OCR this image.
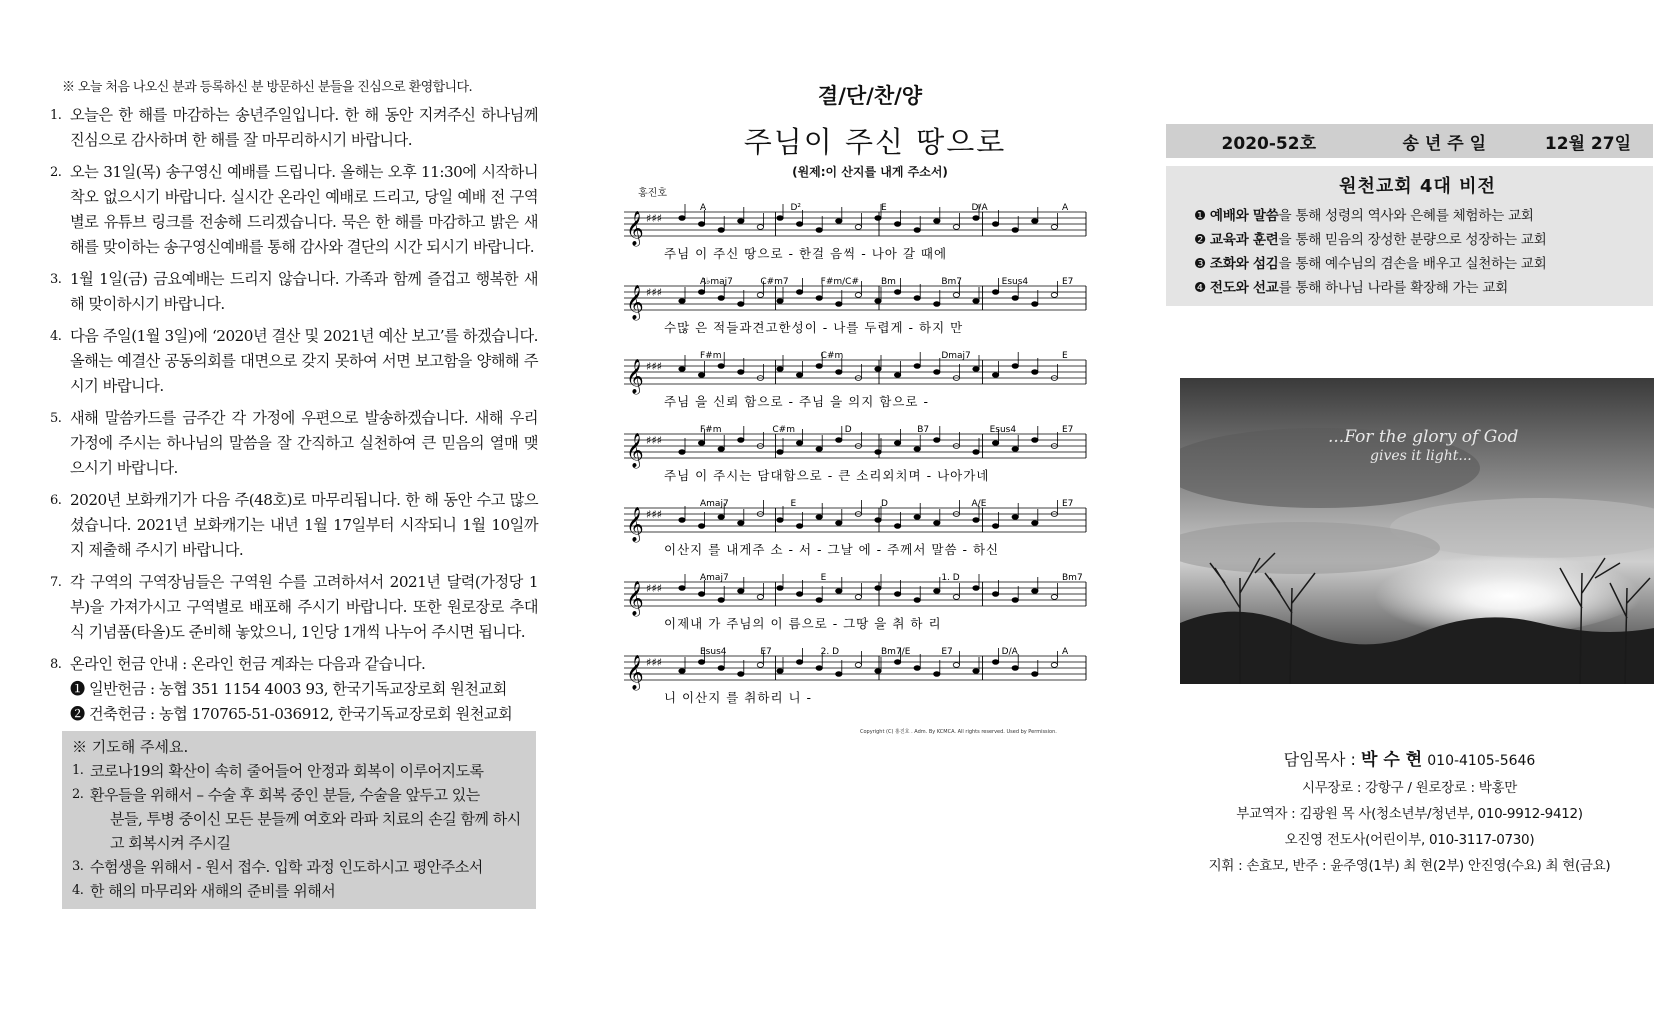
※ 오늘 처음 나오신 분과 등록하신 분 방문하신 분들을 진심으로 환영합니다.
1. 오늘은 한 해를 마감하는 송년주일입니다. 한 해 동안 지켜주신 하나님께 진심으로 감사하며 한 해를 잘 마무리하시기 바랍니다.
2. 오는 31일(목) 송구영신 예배를 드립니다. 올해는 오후 11:30에 시작하니 착오 없으시기 바랍니다. 실시간 온라인 예배로 드리고, 당일 예배 전 구역별로 유튜브 링크를 전송해 드리겠습니다. 묵은 한 해를 마감하고 밝은 새해를 맞이하는 송구영신예배를 통해 감사와 결단의 시간 되시기 바랍니다.
3. 1월 1일(금) 금요예배는 드리지 않습니다. 가족과 함께 즐겁고 행복한 새해 맞이하시기 바랍니다.
4. 다음 주일(1월 3일)에 ‘2020년 결산 및 2021년 예산 보고’를 하겠습니다. 올해는 예결산 공동의회를 대면으로 갖지 못하여 서면 보고함을 양해해 주시기 바랍니다.
5. 새해 말씀카드를 금주간 각 가정에 우편으로 발송하겠습니다. 새해 우리 가정에 주시는 하나님의 말씀을 잘 간직하고 실천하여 큰 믿음의 열매 맺으시기 바랍니다.
6. 2020년 보화캐기가 다음 주(48호)로 마무리됩니다. 한 해 동안 수고 많으셨습니다. 2021년 보화캐기는 내년 1월 17일부터 시작되니 1월 10일까지 제출해 주시기 바랍니다.
7. 각 구역의 구역장님들은 구역원 수를 고려하셔서 2021년 달력(가정당 1부)을 가져가시고 구역별로 배포해 주시기 바랍니다. 또한 원로장로 추대식 기념품(타올)도 준비해 놓았으니, 1인당 1개씩 나누어 주시면 됩니다.
8. 온라인 헌금 안내 : 온라인 헌금 계좌는 다음과 같습니다.
❶ 일반헌금 : 농협 351 1154 4003 93, 한국기독교장로회 원천교회
❷ 건축헌금 : 농협 170765-51-036912, 한국기독교장로회 원천교회
※ 기도해 주세요.
1. 코로나19의 확산이 속히 줄어들어 안정과 회복이 이루어지도록
2. 환우들을 위해서 – 수술 후 회복 중인 분들, 수술을 앞두고 있는
분들, 투병 중이신 모든 분들께 여호와 라파 치료의 손길 함께 하시고 회복시켜 주시길
3. 수험생을 위해서 - 원서 접수. 입학 과정 인도하시고 평안주소서
4. 한 해의 마무리와 새해의 준비를 위해서
결/단/찬/양
주님이 주신 땅으로
(원제:이 산지를 내게 주소서)
홍진호
A	D²	E	D/A	A
𝄞 ♯♯♯
주님 이 주신 땅으로 - 한걸 음씩 - 나아 갈 때에
A♭maj7	C#m7	F#m/C# Bm	Bm7	Esus4	E7
𝄞 ♯♯♯
수많 은 적들과견고한성이 - 나를 두렵게 - 하지 만
F#m	C#m	Dmaj7	E
𝄞 ♯♯♯
주님 을 신뢰 함으로 - 주님 을 의지 함으로 -
F#m	C#m	D	B7	Esus4	E7
𝄞 ♯♯♯
주님 이 주시는 담대함으로 - 큰 소리외치며 - 나아가네
Amaj7	E	D	A/E	E7
𝄞 ♯♯♯
이산지 를 내게주 소 - 서 - 그날 에 - 주께서 말씀 - 하신
Amaj7	E	1. D	Bm7
𝄞 ♯♯♯
이제내 가 주님의 이 름으로 - 그땅 을 취 하 리
Esus4	E7	2. D	Bm7/E	E7	D/A	A
𝄞 ♯♯♯
니 이산지 를 취하리 니 -
Copyright (C) 홍진호 . Adm. By KCMCA. All rights reserved. Used by Permission.
2020-52호	송 년 주 일	12월 27일
원천교회 4대 비전
❶ 예배와 말씀을 통해 성령의 역사와 은혜를 체험하는 교회
❷ 교육과 훈련을 통해 믿음의 장성한 분량으로 성장하는 교회
❸ 조화와 섬김을 통해 예수님의 겸손을 배우고 실천하는 교회
❹ 전도와 선교를 통해 하나님 나라를 확장해 가는 교회
...For the glory of God
gives it light...
담임목사 : 박 수 현 010-4105-5646
시무장로 : 강항구 / 원로장로 : 박홍만
부교역자 : 김광원 목 사(청소년부/청년부, 010-9912-9412)
오진영 전도사(어린이부, 010-3117-0730)
지휘 : 손효모, 반주 : 윤주영(1부) 최 현(2부) 안진영(수요) 최 현(금요)
